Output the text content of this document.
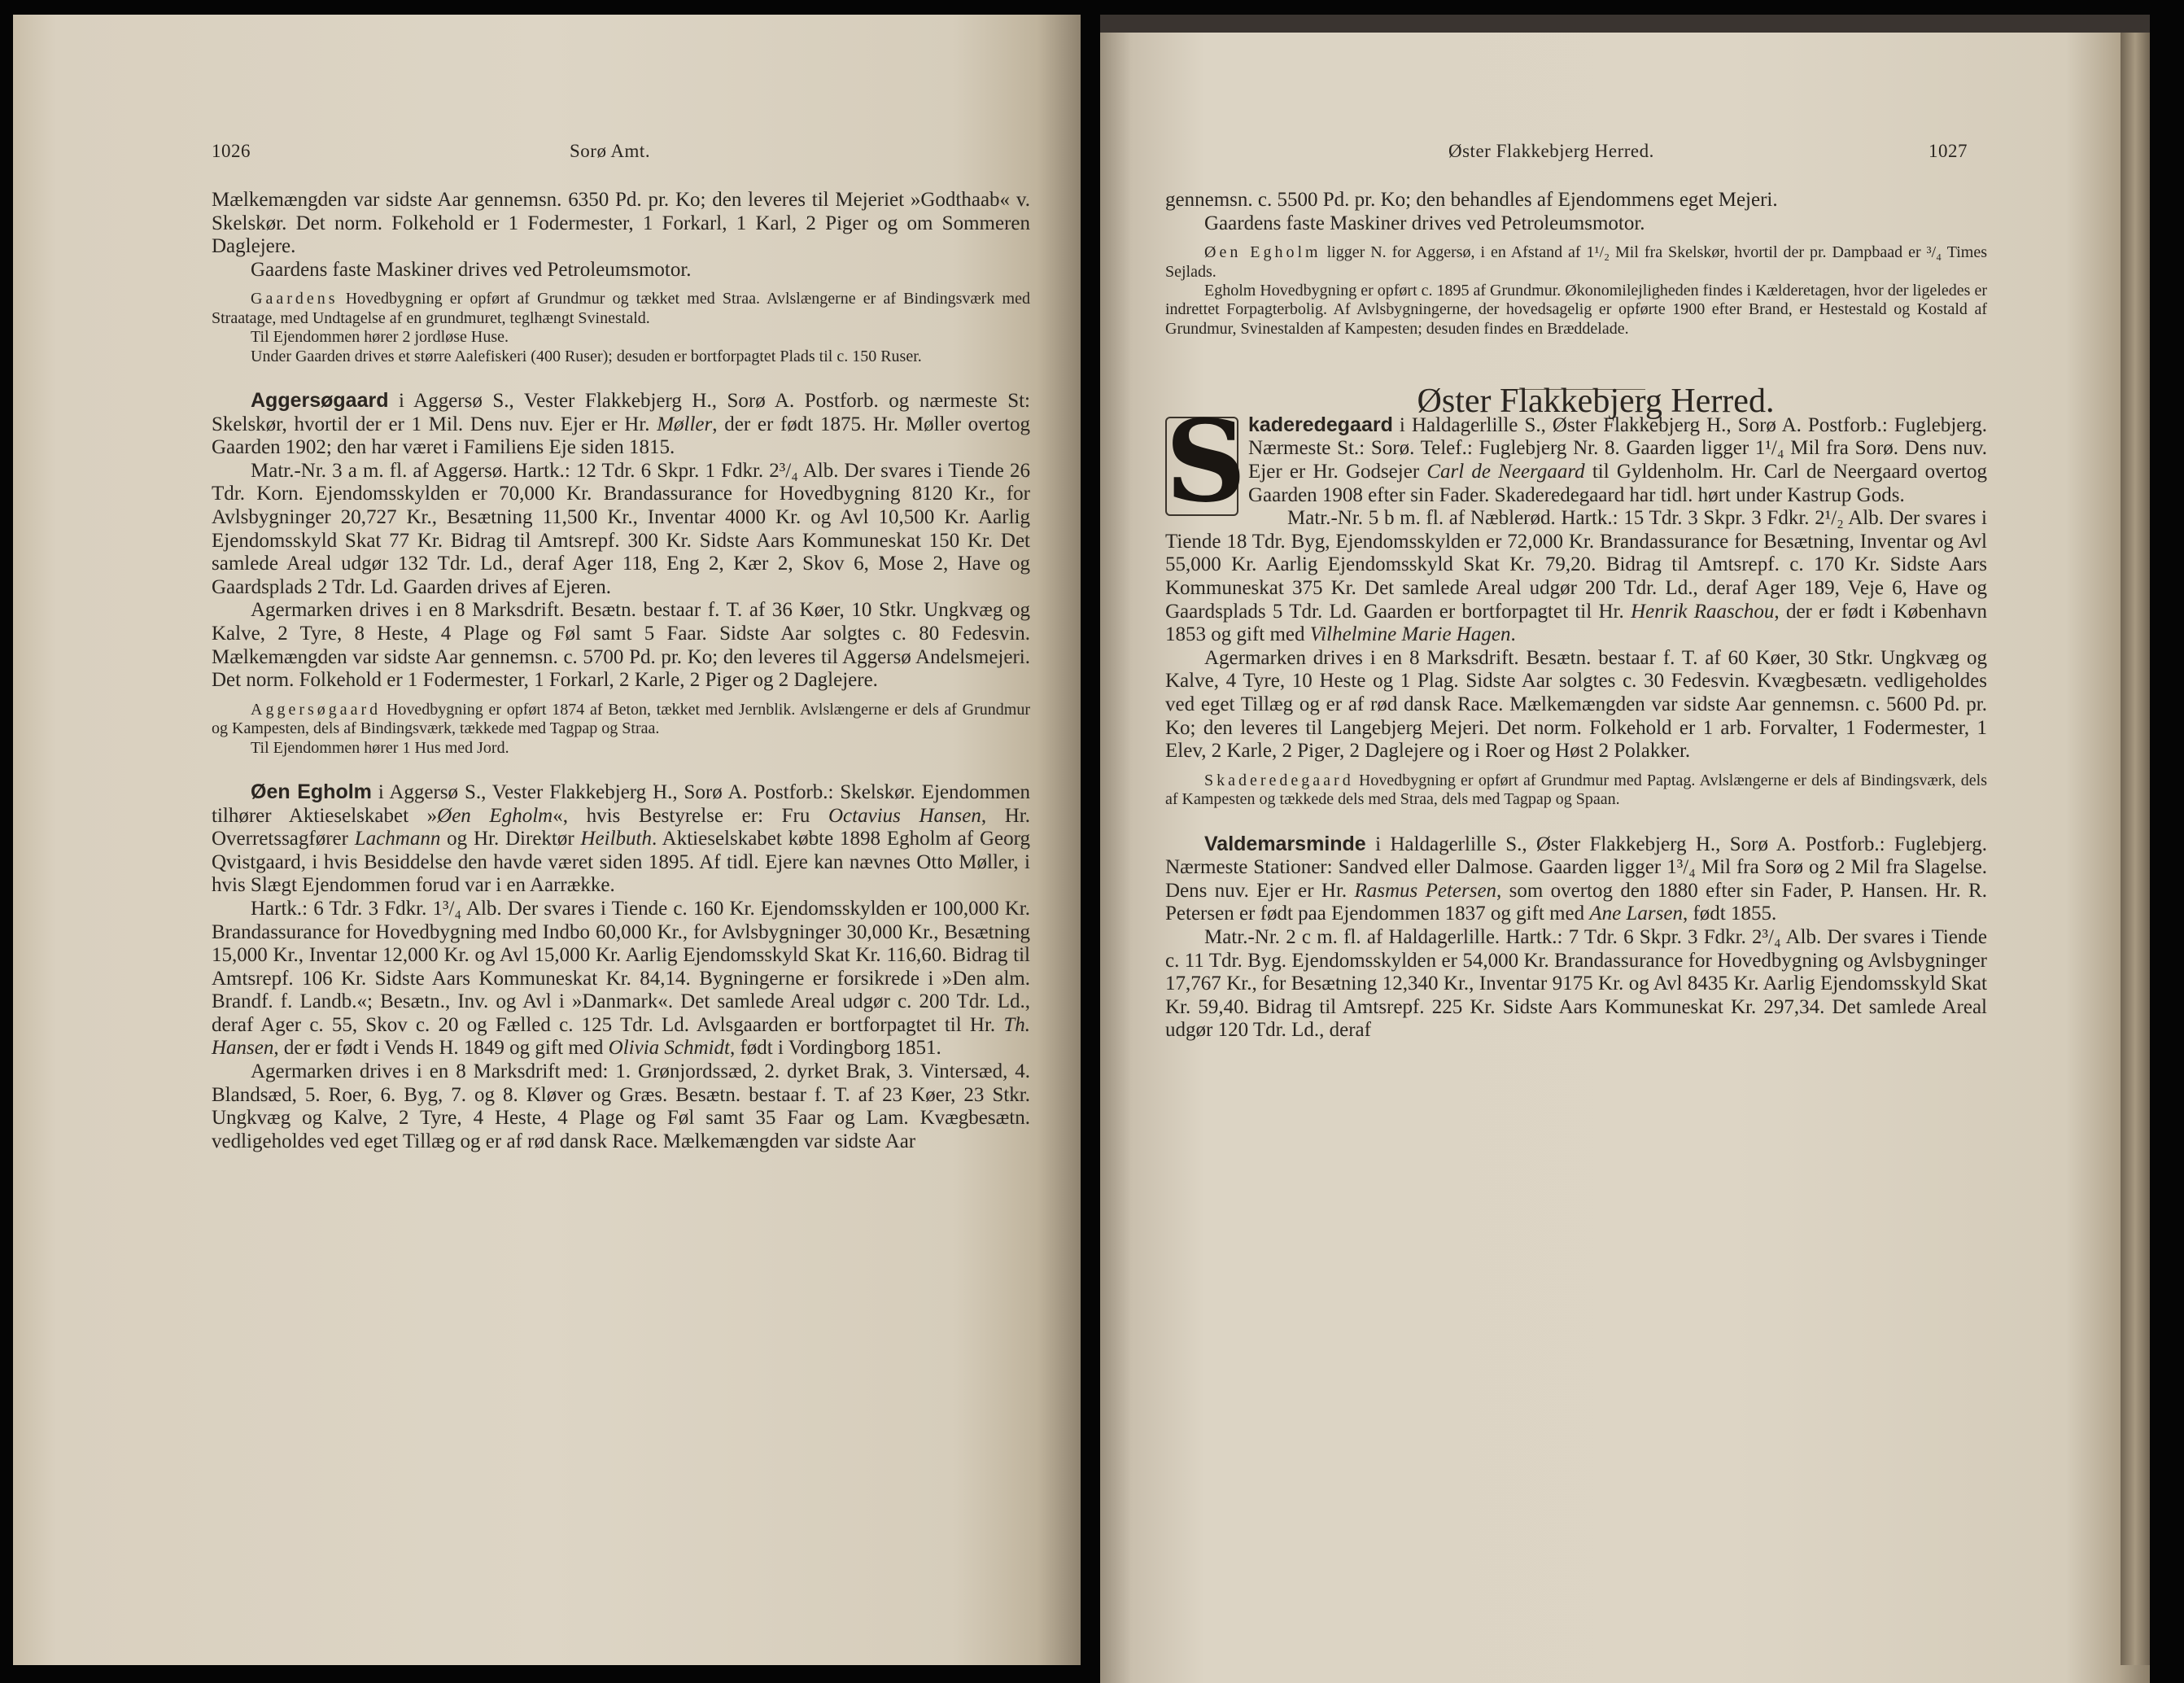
1026	Sorø Amt.

Mælkemængden var sidste Aar gennemsn. 6350 Pd. pr. Ko; den leveres til Mejeriet »Godthaab« v. Skelskør. Det norm. Folkehold er 1 Fodermester, 1 Forkarl, 1 Karl, 2 Piger og om Sommeren Daglejere.

Gaardens faste Maskiner drives ved Petroleumsmotor.

Gaardens Hovedbygning er opført af Grundmur og tækket med Straa. Avlslængerne er af Bindingsværk med Straatage, med Undtagelse af en grundmuret, teglhængt Svinestald.

Til Ejendommen hører 2 jordløse Huse.

Under Gaarden drives et større Aalefiskeri (400 Ruser); desuden er bortforpagtet Plads til c. 150 Ruser.

Aggersøgaard i Aggersø S., Vester Flakkebjerg H., Sorø A. Postforb. og nærmeste St: Skelskør, hvortil der er 1 Mil. Dens nuv. Ejer er Hr. Møller, der er født 1875. Hr. Møller overtog Gaarden 1902; den har været i Familiens Eje siden 1815.

Matr.-Nr. 3 a m. fl. af Aggersø. Hartk.: 12 Tdr. 6 Skpr. 1 Fdkr. 2³/₄ Alb. Der svares i Tiende 26 Tdr. Korn. Ejendomsskylden er 70,000 Kr. Brandassurance for Hovedbygning 8120 Kr., for Avlsbygninger 20,727 Kr., Besætning 11,500 Kr., Inventar 4000 Kr. og Avl 10,500 Kr. Aarlig Ejendomsskyld Skat 77 Kr. Bidrag til Amtsrepf. 300 Kr. Sidste Aars Kommuneskat 150 Kr. Det samlede Areal udgør 132 Tdr. Ld., deraf Ager 118, Eng 2, Kær 2, Skov 6, Mose 2, Have og Gaardsplads 2 Tdr. Ld. Gaarden drives af Ejeren.

Agermarken drives i en 8 Marksdrift. Besætn. bestaar f. T. af 36 Køer, 10 Stkr. Ungkvæg og Kalve, 2 Tyre, 8 Heste, 4 Plage og Føl samt 5 Faar. Sidste Aar solgtes c. 80 Fedesvin. Mælkemængden var sidste Aar gennemsn. c. 5700 Pd. pr. Ko; den leveres til Aggersø Andelsmejeri. Det norm. Folkehold er 1 Fodermester, 1 Forkarl, 2 Karle, 2 Piger og 2 Daglejere.

Aggersøgaard Hovedbygning er opført 1874 af Beton, tækket med Jernblik. Avlslængerne er dels af Grundmur og Kampesten, dels af Bindingsværk, tækkede med Tagpap og Straa.

Til Ejendommen hører 1 Hus med Jord.

Øen Egholm i Aggersø S., Vester Flakkebjerg H., Sorø A. Postforb.: Skelskør. Ejendommen tilhører Aktieselskabet »Øen Egholm«, hvis Bestyrelse er: Fru Octavius Hansen, Hr. Overretssagfører Lachmann og Hr. Direktør Heilbuth. Aktieselskabet købte 1898 Egholm af Georg Qvistgaard, i hvis Besiddelse den havde været siden 1895. Af tidl. Ejere kan nævnes Otto Møller, i hvis Slægt Ejendommen forud var i en Aarrække.

Hartk.: 6 Tdr. 3 Fdkr. 1³/₄ Alb. Der svares i Tiende c. 160 Kr. Ejendomsskylden er 100,000 Kr. Brandassurance for Hovedbygning med Indbo 60,000 Kr., for Avlsbygninger 30,000 Kr., Besætning 15,000 Kr., Inventar 12,000 Kr. og Avl 15,000 Kr. Aarlig Ejendomsskyld Skat Kr. 116,60. Bidrag til Amtsrepf. 106 Kr. Sidste Aars Kommuneskat Kr. 84,14. Bygningerne er forsikrede i »Den alm. Brandf. f. Landb.«; Besætn., Inv. og Avl i »Danmark«. Det samlede Areal udgør c. 200 Tdr. Ld., deraf Ager c. 55, Skov c. 20 og Fælled c. 125 Tdr. Ld. Avlsgaarden er bortforpagtet til Hr. Th. Hansen, der er født i Vends H. 1849 og gift med Olivia Schmidt, født i Vordingborg 1851.

Agermarken drives i en 8 Marksdrift med: 1. Grønjordssæd, 2. dyrket Brak, 3. Vintersæd, 4. Blandsæd, 5. Roer, 6. Byg, 7. og 8. Kløver og Græs. Besætn. bestaar f. T. af 23 Køer, 23 Stkr. Ungkvæg og Kalve, 2 Tyre, 4 Heste, 4 Plage og Føl samt 35 Faar og Lam. Kvægbesætn. vedligeholdes ved eget Tillæg og er af rød dansk Race. Mælkemængden var sidste Aar

Øster Flakkebjerg Herred.	1027

gennemsn. c. 5500 Pd. pr. Ko; den behandles af Ejendommens eget Mejeri.

Gaardens faste Maskiner drives ved Petroleumsmotor.

Øen Egholm ligger N. for Aggersø, i en Afstand af 1¹/₂ Mil fra Skelskør, hvortil der pr. Dampbaad er ³/₄ Times Sejlads.

Egholm Hovedbygning er opført c. 1895 af Grundmur. Økonomilejligheden findes i Kælderetagen, hvor der ligeledes er indrettet Forpagterbolig. Af Avlsbygningerne, der hovedsagelig er opførte 1900 efter Brand, er Hestestald og Kostald af Grundmur, Svinestalden af Kampesten; desuden findes en Bræddelade.

Øster Flakkebjerg Herred.

S kaderedegaard i Haldagerlille S., Øster Flakkebjerg H., Sorø A. Postforb.: Fuglebjerg. Nærmeste St.: Sorø. Telef.: Fuglebjerg Nr. 8. Gaarden ligger 1¹/₄ Mil fra Sorø. Dens nuv. Ejer er Hr. Godsejer Carl de Neergaard til Gyldenholm. Hr. Carl de Neergaard overtog Gaarden 1908 efter sin Fader. Skaderedegaard har tidl. hørt under Kastrup Gods.

Matr.-Nr. 5 b m. fl. af Næblerød. Hartk.: 15 Tdr. 3 Skpr. 3 Fdkr. 2¹/₂ Alb. Der svares i Tiende 18 Tdr. Byg, Ejendomsskylden er 72,000 Kr. Brandassurance for Besætning, Inventar og Avl 55,000 Kr. Aarlig Ejendomsskyld Skat Kr. 79,20. Bidrag til Amtsrepf. c. 170 Kr. Sidste Aars Kommuneskat 375 Kr. Det samlede Areal udgør 200 Tdr. Ld., deraf Ager 189, Veje 6, Have og Gaardsplads 5 Tdr. Ld. Gaarden er bortforpagtet til Hr. Henrik Raaschou, der er født i København 1853 og gift med Vilhelmine Marie Hagen.

Agermarken drives i en 8 Marksdrift. Besætn. bestaar f. T. af 60 Køer, 30 Stkr. Ungkvæg og Kalve, 4 Tyre, 10 Heste og 1 Plag. Sidste Aar solgtes c. 30 Fedesvin. Kvægbesætn. vedligeholdes ved eget Tillæg og er af rød dansk Race. Mælkemængden var sidste Aar gennemsn. c. 5600 Pd. pr. Ko; den leveres til Langebjerg Mejeri. Det norm. Folkehold er 1 arb. Forvalter, 1 Fodermester, 1 Elev, 2 Karle, 2 Piger, 2 Daglejere og i Roer og Høst 2 Polakker.

Skaderedegaard Hovedbygning er opført af Grundmur med Paptag. Avlslængerne er dels af Bindingsværk, dels af Kampesten og tækkede dels med Straa, dels med Tagpap og Spaan.

Valdemarsminde i Haldagerlille S., Øster Flakkebjerg H., Sorø A. Postforb.: Fuglebjerg. Nærmeste Stationer: Sandved eller Dalmose. Gaarden ligger 1³/₄ Mil fra Sorø og 2 Mil fra Slagelse. Dens nuv. Ejer er Hr. Rasmus Petersen, som overtog den 1880 efter sin Fader, P. Hansen. Hr. R. Petersen er født paa Ejendommen 1837 og gift med Ane Larsen, født 1855.

Matr.-Nr. 2 c m. fl. af Haldagerlille. Hartk.: 7 Tdr. 6 Skpr. 3 Fdkr. 2³/₄ Alb. Der svares i Tiende c. 11 Tdr. Byg. Ejendomsskylden er 54,000 Kr. Brandassurance for Hovedbygning og Avlsbygninger 17,767 Kr., for Besætning 12,340 Kr., Inventar 9175 Kr. og Avl 8435 Kr. Aarlig Ejendomsskyld Skat Kr. 59,40. Bidrag til Amtsrepf. 225 Kr. Sidste Aars Kommuneskat Kr. 297,34. Det samlede Areal udgør 120 Tdr. Ld., deraf
